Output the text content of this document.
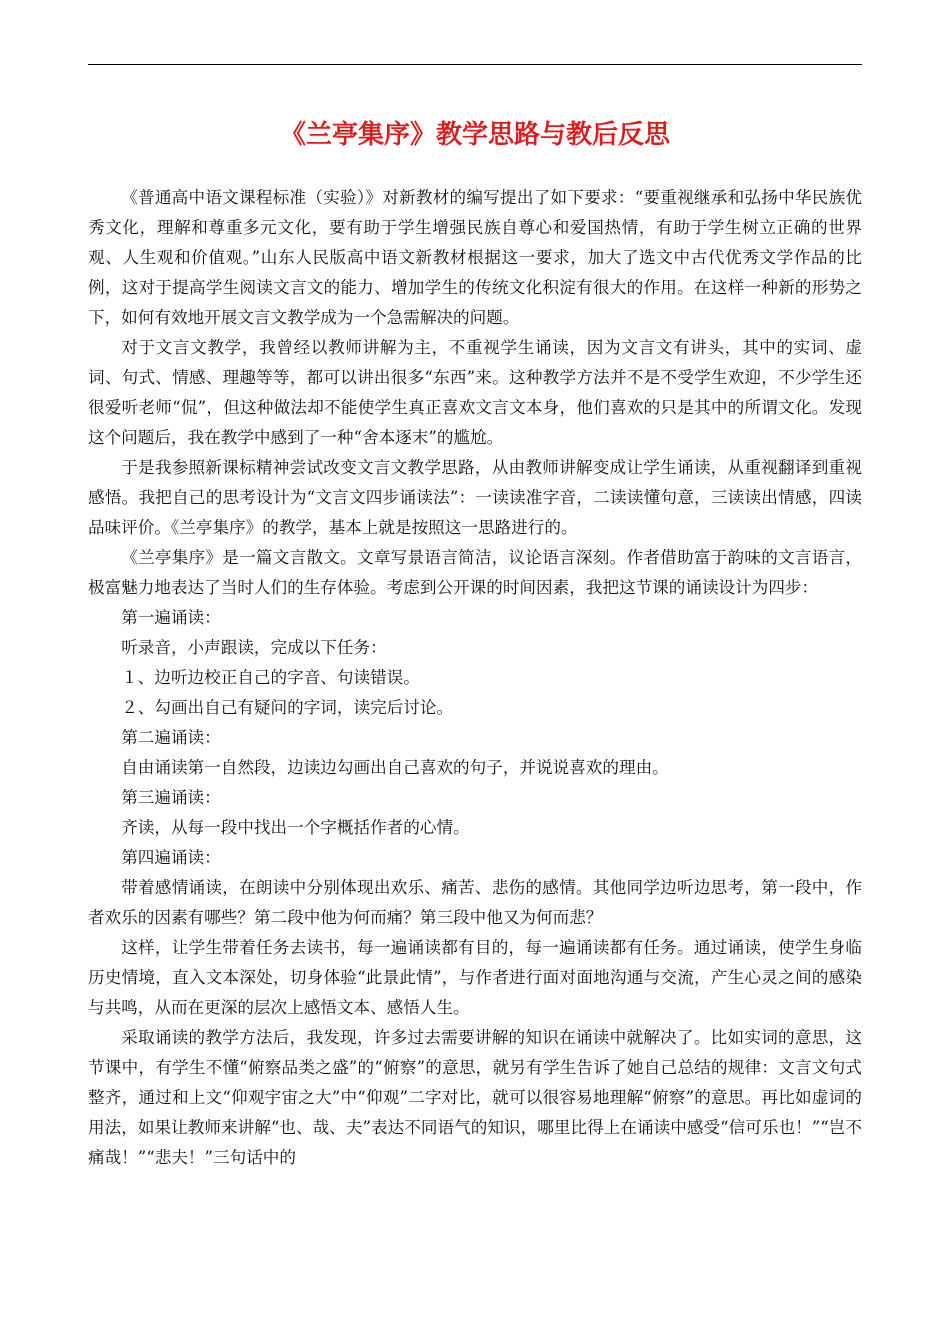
《兰亭集序》教学思路与教后反思

《普通高中语文课程标准（实验）》对新教材的编写提出了如下要求：“要重视继承和弘扬中华民族优秀文化，理解和尊重多元文化，要有助于学生增强民族自尊心和爱国热情，有助于学生树立正确的世界观、人生观和价值观。”山东人民版高中语文新教材根据这一要求，加大了选文中古代优秀文学作品的比例，这对于提高学生阅读文言文的能力、增加学生的传统文化积淀有很大的作用。在这样一种新的形势之下，如何有效地开展文言文教学成为一个急需解决的问题。

对于文言文教学，我曾经以教师讲解为主，不重视学生诵读，因为文言文有讲头，其中的实词、虚词、句式、情感、理趣等等，都可以讲出很多“东西”来。这种教学方法并不是不受学生欢迎，不少学生还很爱听老师“侃”，但这种做法却不能使学生真正喜欢文言文本身，他们喜欢的只是其中的所谓文化。发现这个问题后，我在教学中感到了一种“舍本逐末”的尴尬。

于是我参照新课标精神尝试改变文言文教学思路，从由教师讲解变成让学生诵读，从重视翻译到重视感悟。我把自己的思考设计为“文言文四步诵读法”：一读读准字音，二读读懂句意，三读读出情感，四读品味评价。《兰亭集序》的教学，基本上就是按照这一思路进行的。

《兰亭集序》是一篇文言散文。文章写景语言简洁，议论语言深刻。作者借助富于韵味的文言语言，极富魅力地表达了当时人们的生存体验。考虑到公开课的时间因素，我把这节课的诵读设计为四步：

第一遍诵读：

听录音，小声跟读，完成以下任务：

１、边听边校正自己的字音、句读错误。

２、勾画出自己有疑问的字词，读完后讨论。

第二遍诵读：

自由诵读第一自然段，边读边勾画出自己喜欢的句子，并说说喜欢的理由。

第三遍诵读：

齐读，从每一段中找出一个字概括作者的心情。

第四遍诵读：

带着感情诵读，在朗读中分别体现出欢乐、痛苦、悲伤的感情。其他同学边听边思考，第一段中，作者欢乐的因素有哪些？第二段中他为何而痛？第三段中他又为何而悲？

这样，让学生带着任务去读书，每一遍诵读都有目的，每一遍诵读都有任务。通过诵读，使学生身临历史情境，直入文本深处，切身体验“此景此情”，与作者进行面对面地沟通与交流，产生心灵之间的感染与共鸣，从而在更深的层次上感悟文本、感悟人生。

采取诵读的教学方法后，我发现，许多过去需要讲解的知识在诵读中就解决了。比如实词的意思，这节课中，有学生不懂“俯察品类之盛”的“俯察”的意思，就另有学生告诉了她自己总结的规律：文言文句式整齐，通过和上文“仰观宇宙之大”中“仰观”二字对比，就可以很容易地理解“俯察”的意思。再比如虚词的用法，如果让教师来讲解“也、哉、夫”表达不同语气的知识，哪里比得上在诵读中感受“信可乐也！”“岂不痛哉！”“悲夫！”三句话中的
